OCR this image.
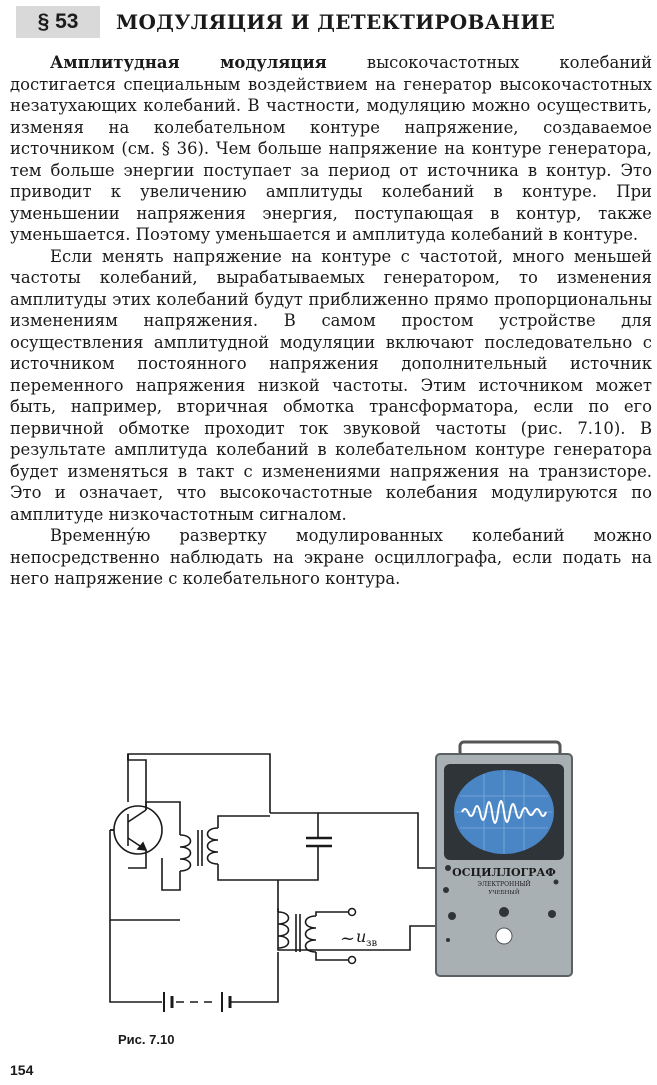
§ 53	МОДУЛЯЦИЯ И ДЕТЕКТИРОВАНИЕ

Амплитудная модуляция высокочастотных колебаний достигается специальным воздействием на генератор высокочастотных незатухающих колебаний. В частности, модуляцию можно осуществить, изменяя на колебательном контуре напряжение, создаваемое источником (см. § 36). Чем больше напряжение на контуре генератора, тем больше энергии поступает за период от источника в контур. Это приводит к увеличению амплитуды колебаний в контуре. При уменьшении напряжения энергия, поступающая в контур, также уменьшается. Поэтому уменьшается и амплитуда колебаний в контуре.

Если менять напряжение на контуре с частотой, много меньшей частоты колебаний, вырабатываемых генератором, то изменения амплитуды этих колебаний будут приближенно прямо пропорциональны изменениям напряжения. В самом простом устройстве для осуществления амплитудной модуляции включают последовательно с источником постоянного напряжения дополнительный источник переменного напряжения низкой частоты. Этим источником может быть, например, вторичная обмотка трансформатора, если по его первичной обмотке проходит ток звуковой частоты (рис. 7.10). В результате амплитуда колебаний в колебательном контуре генератора будет изменяться в такт с изменениями напряжения на транзисторе. Это и означает, что высокочастотные колебания модулируются по амплитуде низкочастотным сигналом.

Временну́ю развертку модулированных колебаний можно непосредственно наблюдать на экране осциллографа, если подать на него напряжение с колебательного контура.

~ u зв
ОСЦИЛЛОГРАФ
ЭЛЕКТРОННЫЙ
УЧЕБНЫЙ
Рис. 7.10
154
